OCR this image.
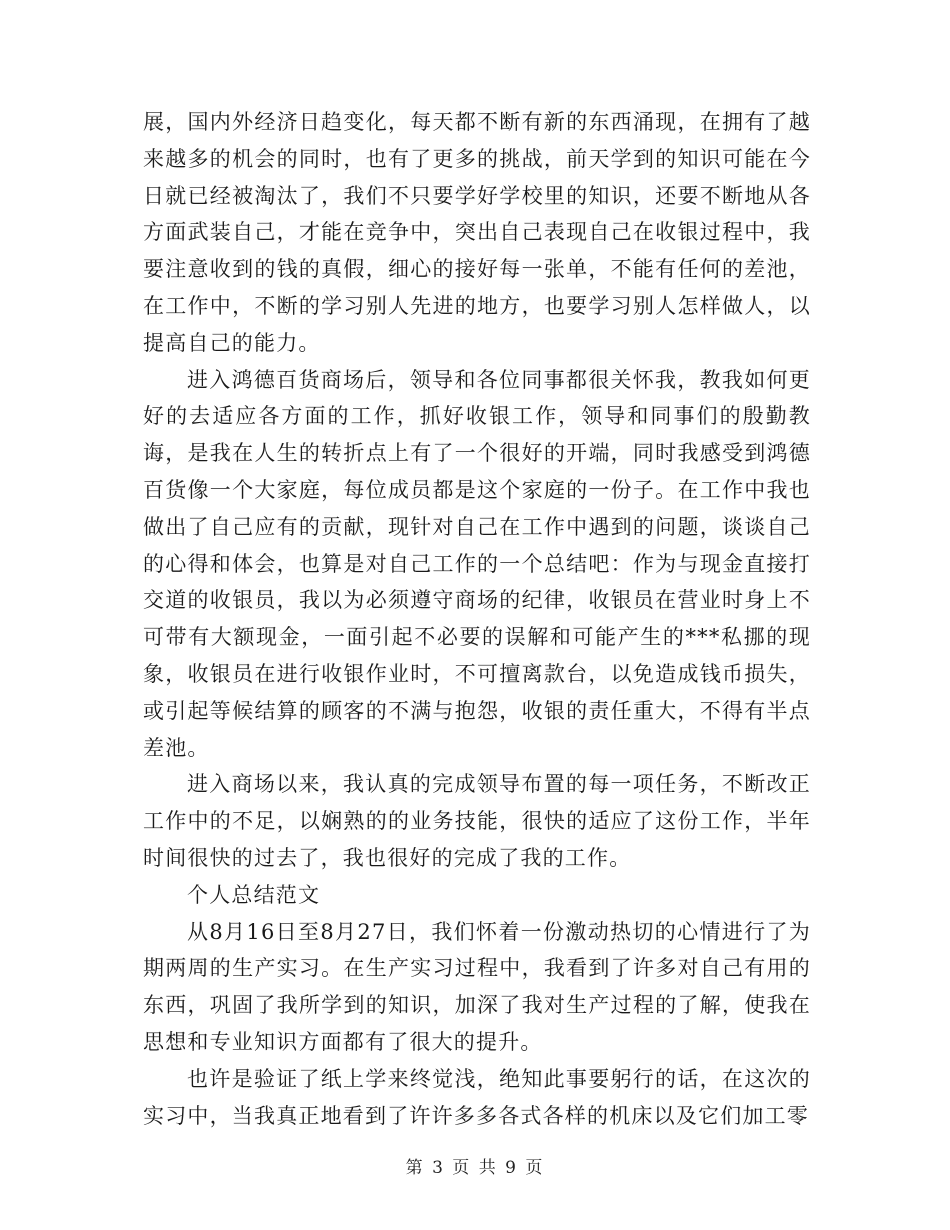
展，国内外经济日趋变化，每天都不断有新的东西涌现，在拥有了越来越多的机会的同时，也有了更多的挑战，前天学到的知识可能在今日就已经被淘汰了，我们不只要学好学校里的知识，还要不断地从各方面武装自己，才能在竞争中，突出自己表现自己在收银过程中，我要注意收到的钱的真假，细心的接好每一张单，不能有任何的差池，在工作中，不断的学习别人先进的地方，也要学习别人怎样做人，以提高自己的能力。

进入鸿德百货商场后，领导和各位同事都很关怀我，教我如何更好的去适应各方面的工作，抓好收银工作，领导和同事们的殷勤教诲，是我在人生的转折点上有了一个很好的开端，同时我感受到鸿德百货像一个大家庭，每位成员都是这个家庭的一份子。在工作中我也做出了自己应有的贡献，现针对自己在工作中遇到的问题，谈谈自己的心得和体会，也算是对自己工作的一个总结吧：作为与现金直接打交道的收银员，我以为必须遵守商场的纪律，收银员在营业时身上不可带有大额现金，一面引起不必要的误解和可能产生的***私挪的现象，收银员在进行收银作业时，不可擅离款台，以免造成钱币损失，或引起等候结算的顾客的不满与抱怨，收银的责任重大，不得有半点差池。

进入商场以来，我认真的完成领导布置的每一项任务，不断改正工作中的不足，以娴熟的的业务技能，很快的适应了这份工作，半年时间很快的过去了，我也很好的完成了我的工作。

个人总结范文

从8月16日至8月27日，我们怀着一份激动热切的心情进行了为期两周的生产实习。在生产实习过程中，我看到了许多对自己有用的东西，巩固了我所学到的知识，加深了我对生产过程的了解，使我在思想和专业知识方面都有了很大的提升。

也许是验证了纸上学来终觉浅，绝知此事要躬行的话，在这次的实习中，当我真正地看到了许许多多各式各样的机床以及它们加工零

第 3 页 共 9 页
